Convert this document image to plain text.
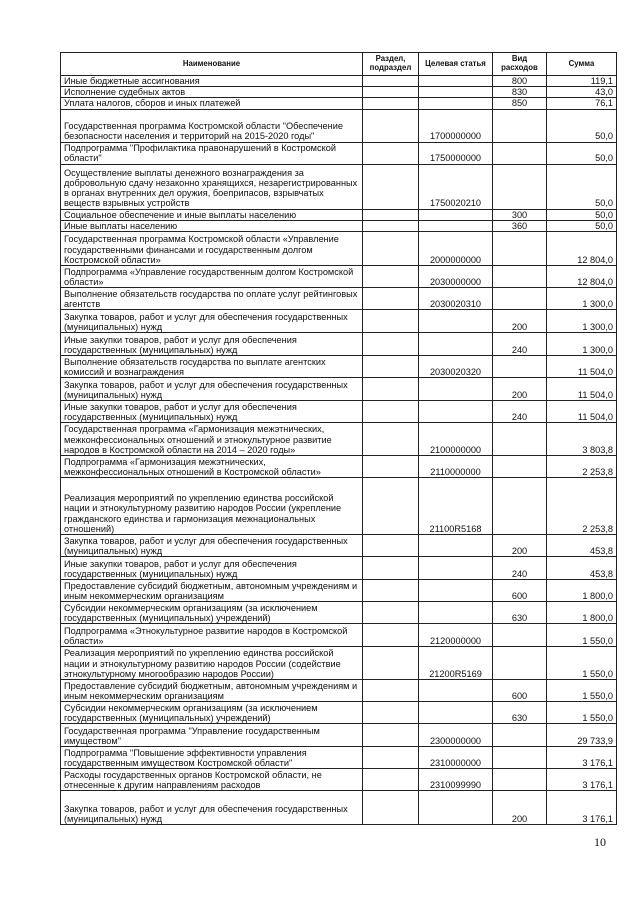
Наименование	Раздел, подраздел	Целевая статья	Вид расходов	Сумма
Иные бюджетные ассигнования			800	119,1
Исполнение судебных актов			830	43,0
Уплата налогов, сборов и иных платежей			850	76,1
Государственная программа Костромской области "Обеспечение безопасности населения и территорий на 2015-2020 годы"		1700000000		50,0
Подпрограмма "Профилактика правонарушений в Костромской области"		1750000000		50,0
Осуществление выплаты денежного вознаграждения за добровольную сдачу незаконно хранящихся, незарегистрированных в органах внутренних дел оружия, боеприпасов, взрывчатых веществ взрывных устройств		1750020210		50,0
Социальное обеспечение и иные выплаты населению			300	50,0
Иные выплаты населению			360	50,0
Государственная программа Костромской области «Управление государственными финансами и государственным долгом Костромской области»		2000000000		12 804,0
Подпрограмма «Управление государственным долгом Костромской области»		2030000000		12 804,0
Выполнение обязательств государства по оплате услуг рейтинговых агентств		2030020310		1 300,0
Закупка товаров, работ и услуг для обеспечения государственных (муниципальных) нужд			200	1 300,0
Иные закупки товаров, работ и услуг для обеспечения государственных (муниципальных) нужд			240	1 300,0
Выполнение обязательств государства по выплате агентских комиссий и вознаграждения		2030020320		11 504,0
Закупка товаров, работ и услуг для обеспечения государственных (муниципальных) нужд			200	11 504,0
Иные закупки товаров, работ и услуг для обеспечения государственных (муниципальных) нужд			240	11 504,0
Государственная программа «Гармонизация межэтнических, межконфессиональных отношений и этнокультурное развитие народов в Костромской области на 2014 – 2020 годы»		2100000000		3 803,8
Подпрограмма «Гармонизация межэтнических, межконфессиональных отношений в Костромской области»		2110000000		2 253,8
Реализация мероприятий по укреплению единства российской нации и этнокультурному развитию народов России (укрепление гражданского единства и гармонизация межнациональных отношений)		21100R5168		2 253,8
Закупка товаров, работ и услуг для обеспечения государственных (муниципальных) нужд			200	453,8
Иные закупки товаров, работ и услуг для обеспечения государственных (муниципальных) нужд			240	453,8
Предоставление субсидий бюджетным, автономным учреждениям и иным некоммерческим организациям			600	1 800,0
Субсидии некоммерческим организациям (за исключением государственных (муниципальных) учреждений)			630	1 800,0
Подпрограмма «Этнокультурное развитие народов в Костромской области»		2120000000		1 550,0
Реализация мероприятий по укреплению единства российской нации и этнокультурному развитию народов России (содействие этнокультурному многообразию народов России)		21200R5169		1 550,0
Предоставление субсидий бюджетным, автономным учреждениям и иным некоммерческим организациям			600	1 550,0
Субсидии некоммерческим организациям (за исключением государственных (муниципальных) учреждений)			630	1 550,0
Государственная программа "Управление государственным имуществом"		2300000000		29 733,9
Подпрограмма "Повышение эффективности управления государственным имуществом Костромской области"		2310000000		3 176,1
Расходы государственных органов Костромской области, не отнесенные к другим направлениям расходов		2310099990		3 176,1
Закупка товаров, работ и услуг для обеспечения государственных (муниципальных) нужд			200	3 176,1
10
